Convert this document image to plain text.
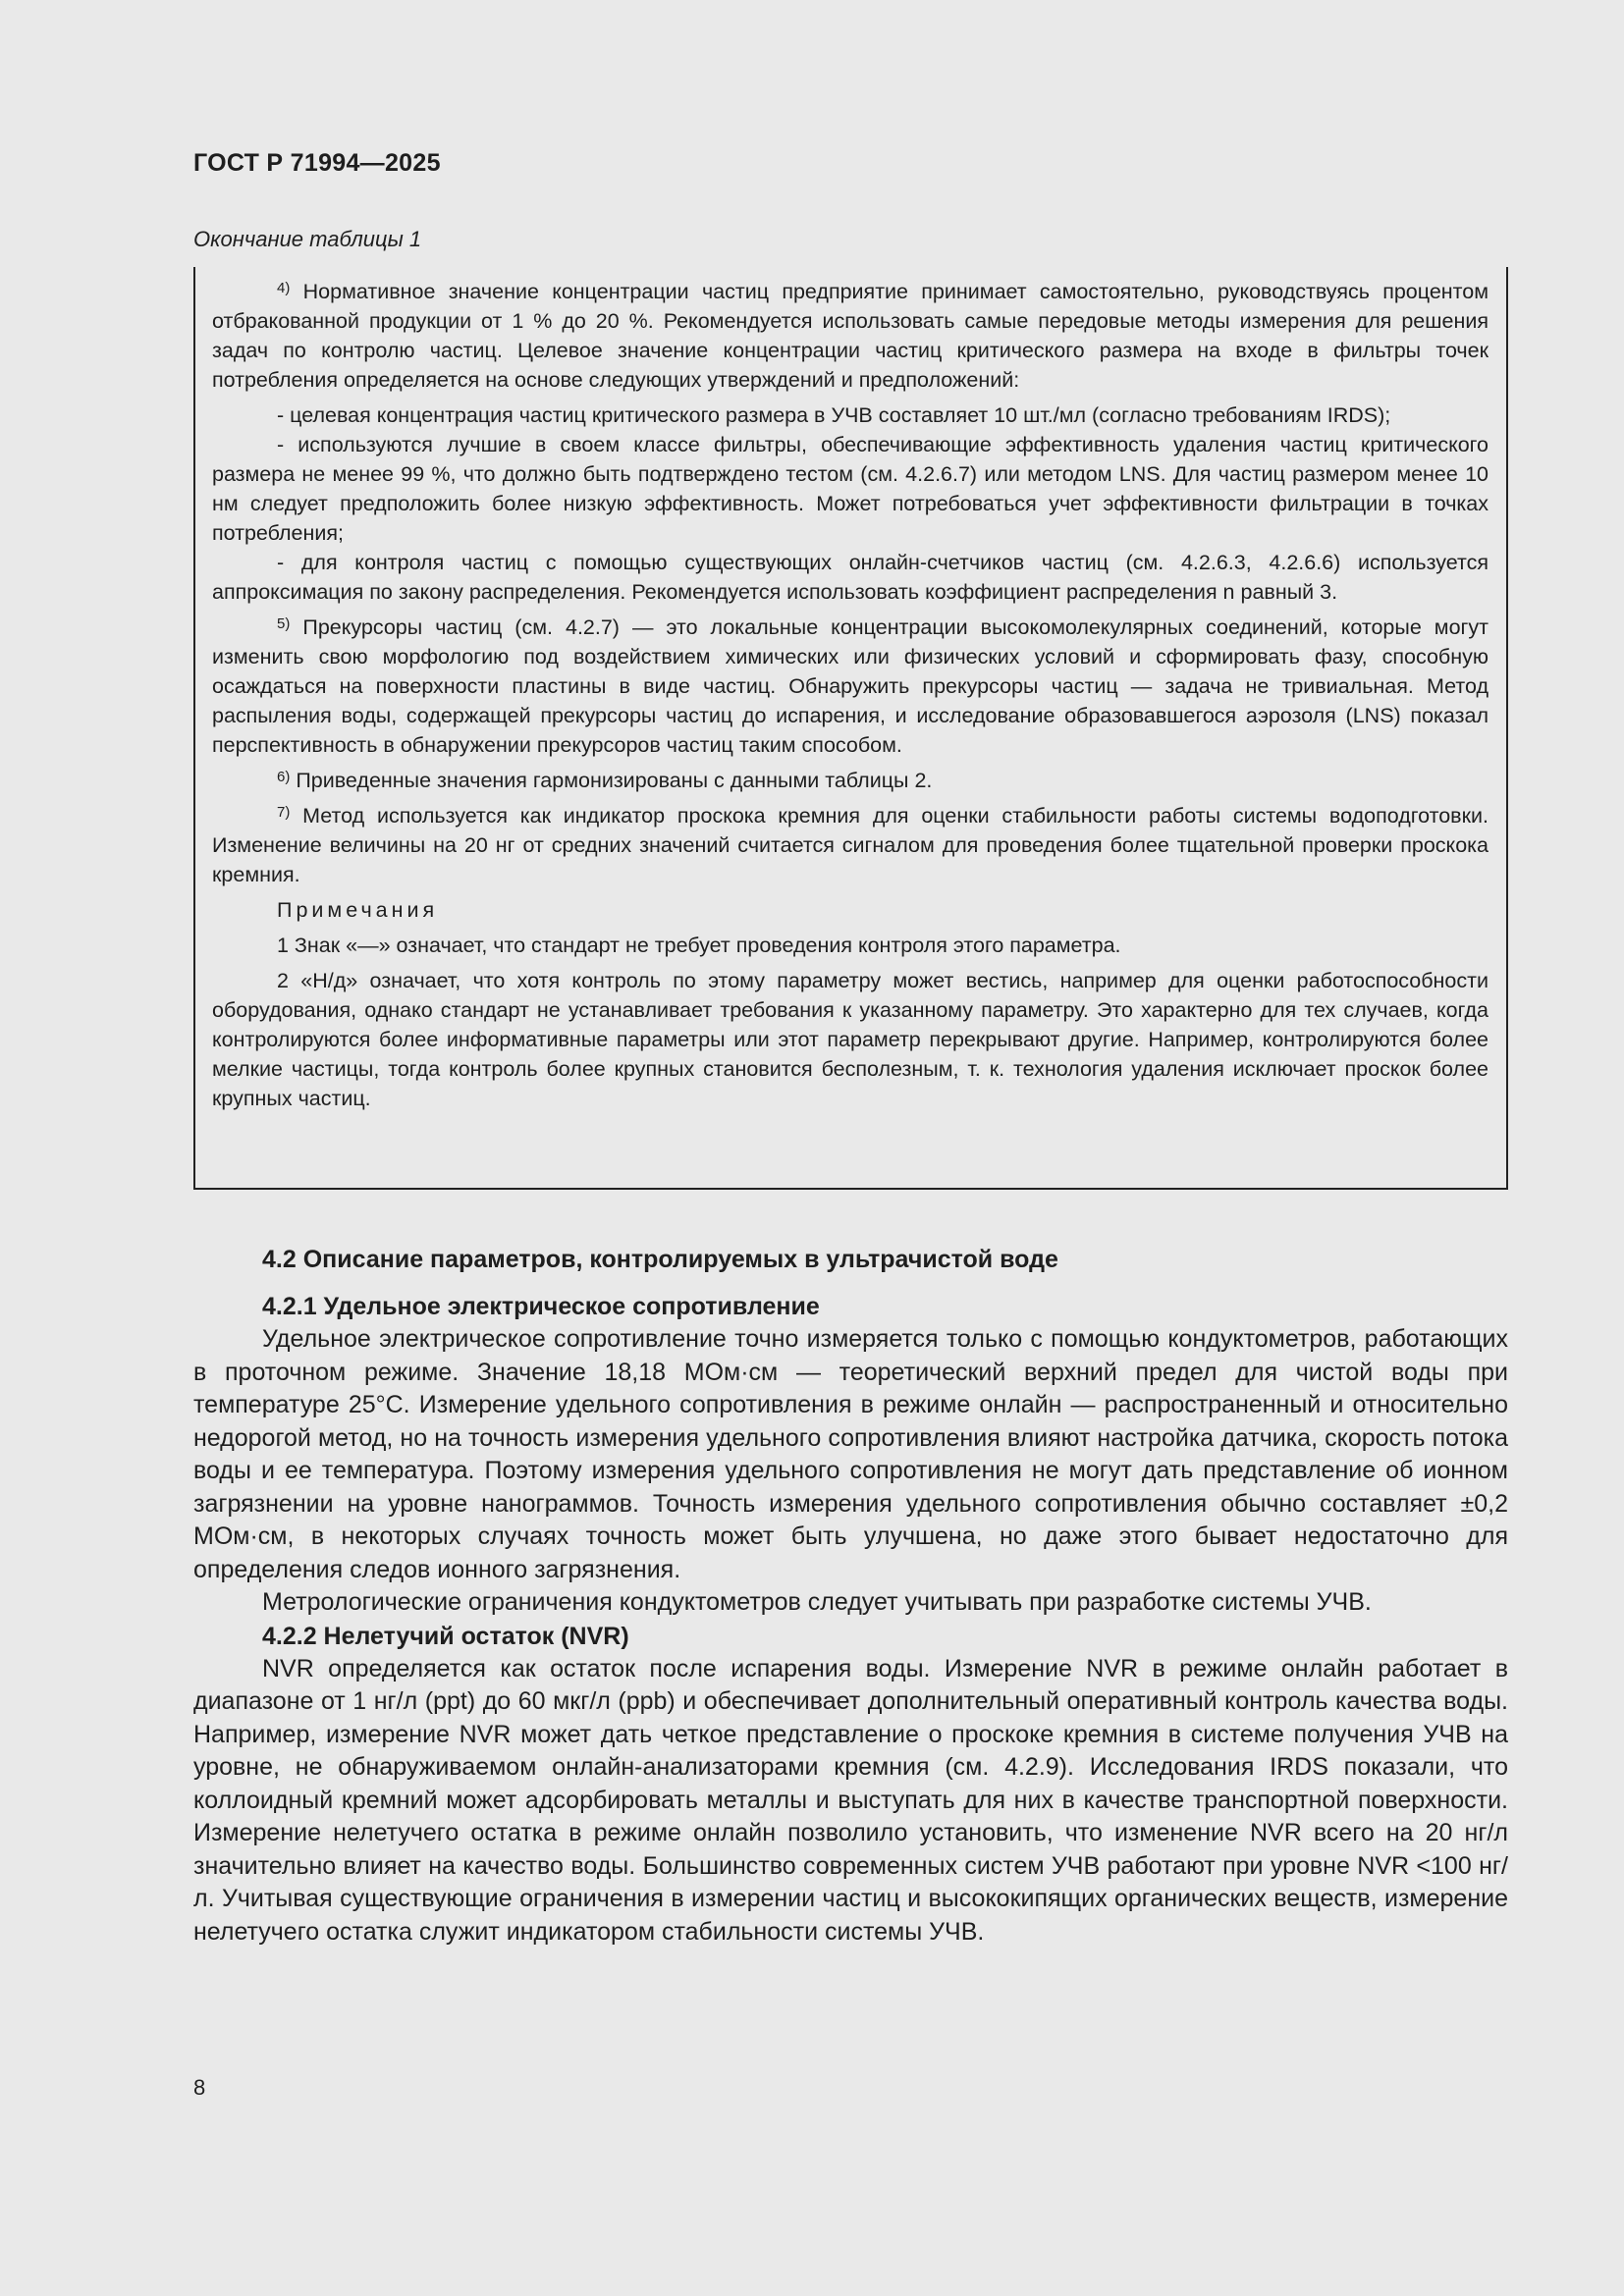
ГОСТ Р 71994—2025
Окончание таблицы 1

$^{4)}$ Нормативное значение концентрации частиц предприятие принимает самостоятельно, руководствуясь процентом отбракованной продукции от 1 % до 20 %. Рекомендуется использовать самые передовые методы измерения для решения задач по контролю частиц. Целевое значение концентрации частиц критического размера на входе в фильтры точек потребления определяется на основе следующих утверждений и предположений:

- целевая концентрация частиц критического размера в УЧВ составляет 10 шт./мл (согласно требованиям IRDS);

- используются лучшие в своем классе фильтры, обеспечивающие эффективность удаления частиц критического размера не менее 99 %, что должно быть подтверждено тестом (см. 4.2.6.7) или методом LNS. Для частиц размером менее 10 нм следует предположить более низкую эффективность. Может потребоваться учет эффективности фильтрации в точках потребления;

- для контроля частиц с помощью существующих онлайн-счетчиков частиц (см. 4.2.6.3, 4.2.6.6) используется аппроксимация по закону распределения. Рекомендуется использовать коэффициент распределения n равный 3.

$^{5)}$ Прекурсоры частиц (см. 4.2.7) — это локальные концентрации высокомолекулярных соединений, которые могут изменить свою морфологию под воздействием химических или физических условий и сформировать фазу, способную осаждаться на поверхности пластины в виде частиц. Обнаружить прекурсоры частиц — задача не тривиальная. Метод распыления воды, содержащей прекурсоры частиц до испарения, и исследование образовавшегося аэрозоля (LNS) показал перспективность в обнаружении прекурсоров частиц таким способом.

$^{6)}$ Приведенные значения гармонизированы с данными таблицы 2.

$^{7)}$ Метод используется как индикатор проскока кремния для оценки стабильности работы системы водоподготовки. Изменение величины на 20 нг от средних значений считается сигналом для проведения более тщательной проверки проскока кремния.

Примечания

1 Знак «—» означает, что стандарт не требует проведения контроля этого параметра.

2 «Н/д» означает, что хотя контроль по этому параметру может вестись, например для оценки работоспособности оборудования, однако стандарт не устанавливает требования к указанному параметру. Это характерно для тех случаев, когда контролируются более информативные параметры или этот параметр перекрывают другие. Например, контролируются более мелкие частицы, тогда контроль более крупных становится бесполезным, т. к. технология удаления исключает проскок более крупных частиц.

4.2 Описание параметров, контролируемых в ультрачистой воде

4.2.1 Удельное электрическое сопротивление

Удельное электрическое сопротивление точно измеряется только с помощью кондуктометров, работающих в проточном режиме. Значение 18,18 МОм·см — теоретический верхний предел для чистой воды при температуре 25°С. Измерение удельного сопротивления в режиме онлайн — распространенный и относительно недорогой метод, но на точность измерения удельного сопротивления влияют настройка датчика, скорость потока воды и ее температура. Поэтому измерения удельного сопротивления не могут дать представление об ионном загрязнении на уровне нанограммов. Точность измерения удельного сопротивления обычно составляет ±0,2 МОм·см, в некоторых случаях точность может быть улучшена, но даже этого бывает недостаточно для определения следов ионного загрязнения.

Метрологические ограничения кондуктометров следует учитывать при разработке системы УЧВ.

4.2.2 Нелетучий остаток (NVR)

NVR определяется как остаток после испарения воды. Измерение NVR в режиме онлайн работает в диапазоне от 1 нг/л (ppt) до 60 мкг/л (ppb) и обеспечивает дополнительный оперативный контроль качества воды. Например, измерение NVR может дать четкое представление о проскоке кремния в системе получения УЧВ на уровне, не обнаруживаемом онлайн-анализаторами кремния (см. 4.2.9). Исследования IRDS показали, что коллоидный кремний может адсорбировать металлы и выступать для них в качестве транспортной поверхности. Измерение нелетучего остатка в режиме онлайн позволило установить, что изменение NVR всего на 20 нг/л значительно влияет на качество воды. Большинство современных систем УЧВ работают при уровне NVR <100 нг/л. Учитывая существующие ограничения в измерении частиц и высококипящих органических веществ, измерение нелетучего остатка служит индикатором стабильности системы УЧВ.

8
